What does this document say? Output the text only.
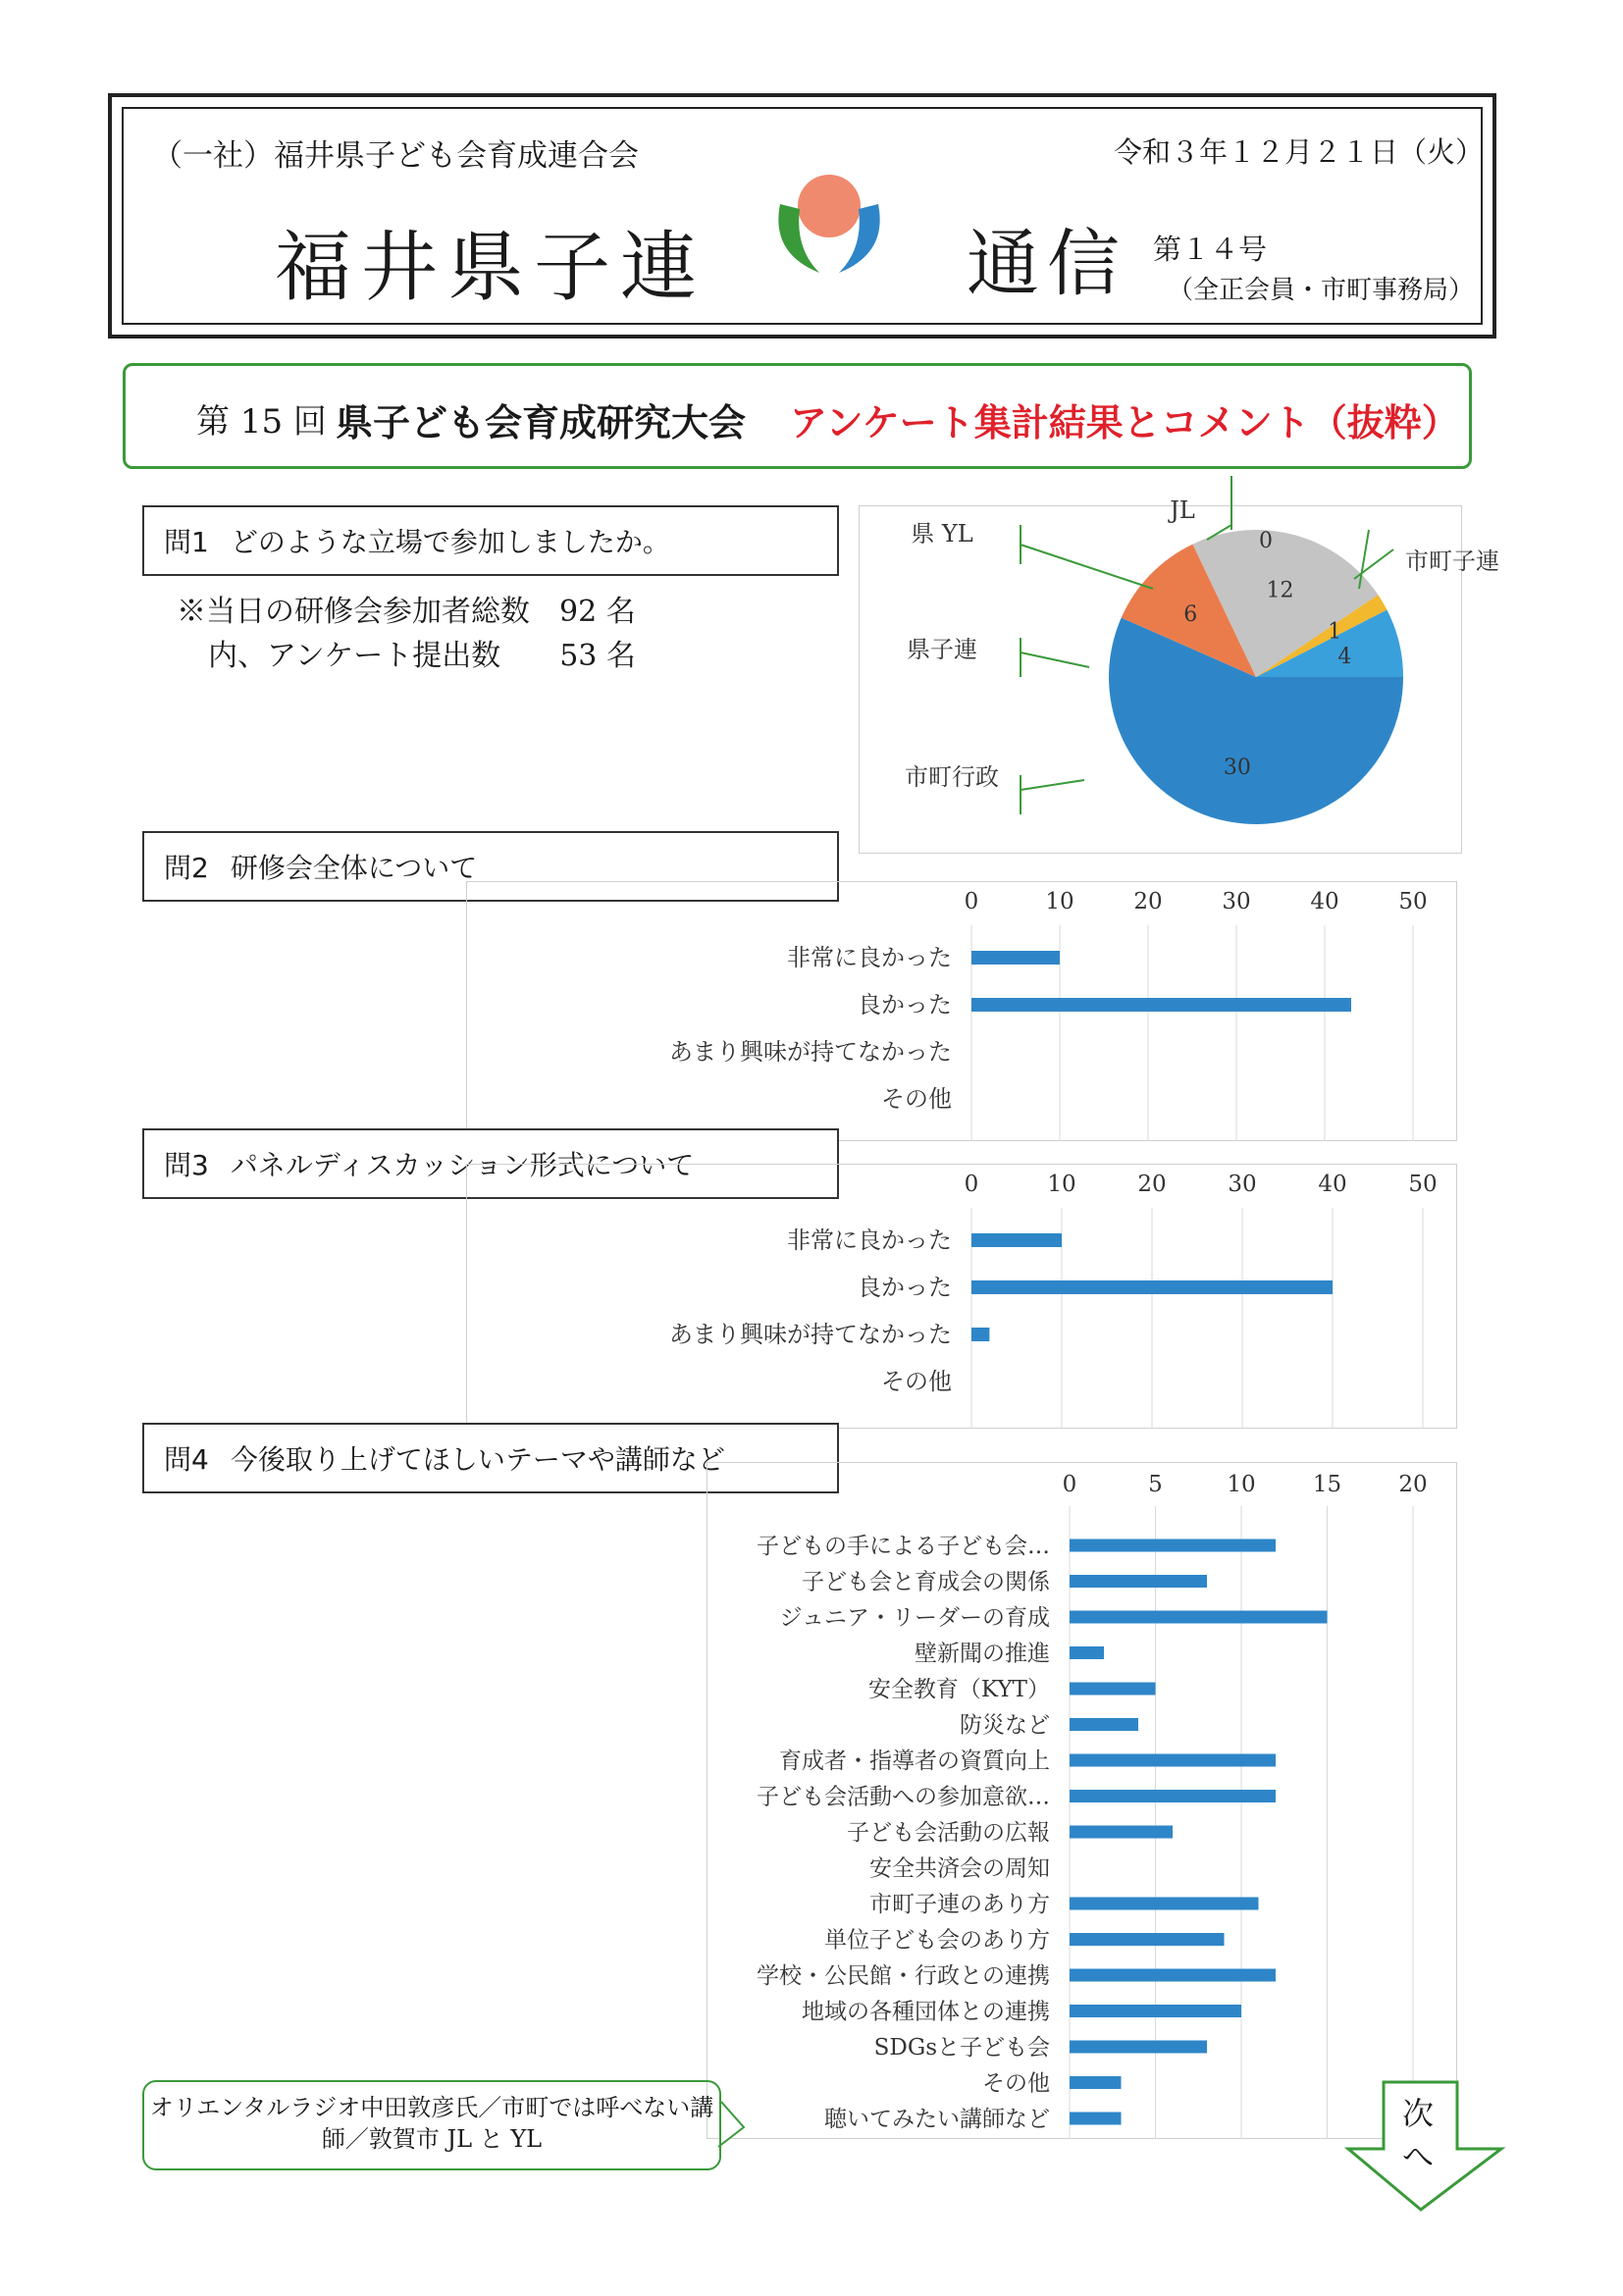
（一社）福井県子ども会育成連合会	令和３年１２月２１日（火）
福井県子連	通信 第１４号
（全正会員・市町事務局）
第 15 回 県子ども会育成研究大会 アンケート集計結果とコメント（抜粋）
問1 どのような立場で参加しましたか。
※当日の研修会参加者総数　92 名
内、アンケート提出数　　53 名
30
6
12
1
4
0
市町子連
市町行政
県子連
県 YL
JL
問2 研修会全体について
0	10	20	30	40	50
非常に良かった
良かった
あまり興味が持てなかった
その他
問3 パネルディスカッション形式について
0	10	20	30	40	50
非常に良かった
良かった
あまり興味が持てなかった
その他
問4 今後取り上げてほしいテーマや講師など
0	5	10	15	20
子どもの手による子ども会…
子ども会と育成会の関係
ジュニア・リーダーの育成
壁新聞の推進
安全教育（KYT）
防災など
育成者・指導者の資質向上
子ども会活動への参加意欲…
子ども会活動の広報
安全共済会の周知
市町子連のあり方
単位子ども会のあり方
学校・公民館・行政との連携
地域の各種団体との連携
SDGsと子ども会
その他
聴いてみたい講師など
オリエンタルラジオ中田敦彦氏／市町では呼べない講師／敦賀市 JL と YL
次
へ
